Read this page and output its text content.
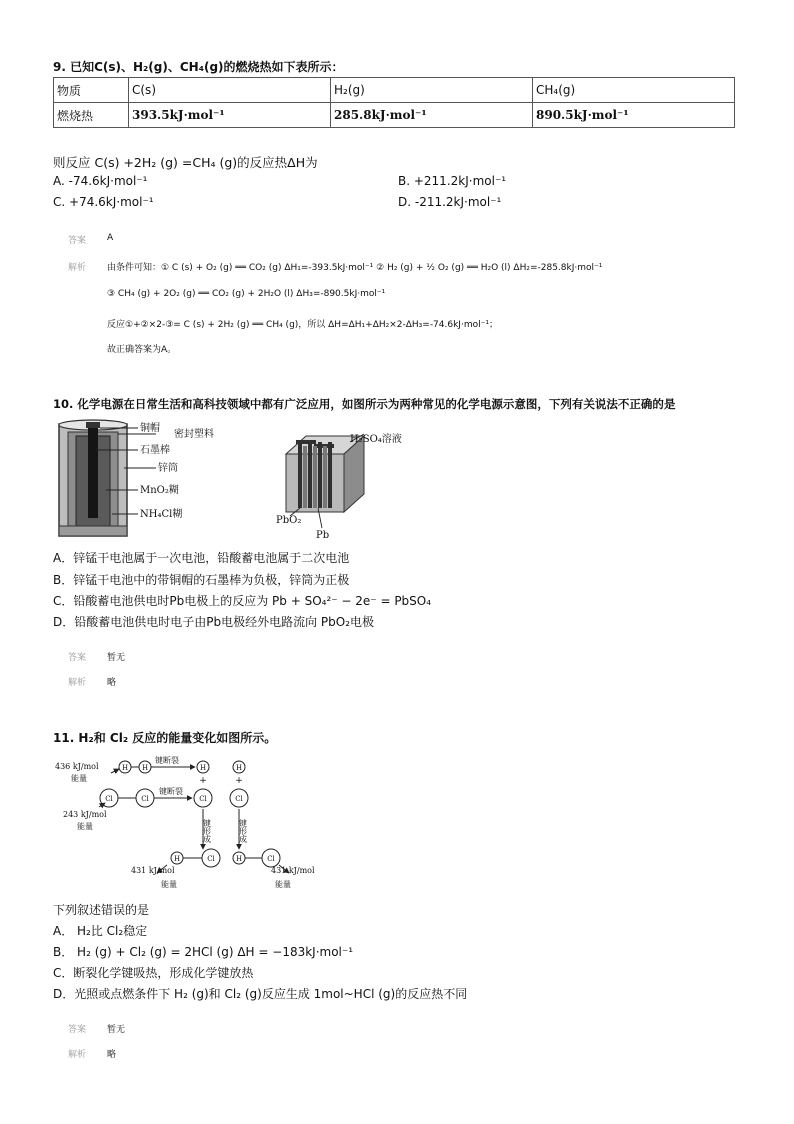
9. 已知C(s)、H₂(g)、CH₄(g)的燃烧热如下表所示：
物质	C(s)	H₂(g)	CH₄(g)
燃烧热	393.5kJ·mol⁻¹	285.8kJ·mol⁻¹	890.5kJ·mol⁻¹
则反应 C(s) +2H₂ (g) =CH₄ (g)的反应热ΔH为
A. -74.6kJ·mol⁻¹	B. +211.2kJ·mol⁻¹
C. +74.6kJ·mol⁻¹	D. -211.2kJ·mol⁻¹
答案 A
解析 由条件可知：① C (s) + O₂ (g) ══ CO₂ (g) ΔH₁=-393.5kJ·mol⁻¹ ② H₂ (g) + ½ O₂ (g) ══ H₂O (l) ΔH₂=-285.8kJ·mol⁻¹
③ CH₄ (g) + 2O₂ (g) ══ CO₂ (g) + 2H₂O (l) ΔH₃=-890.5kJ·mol⁻¹
反应①+②×2-③= C (s) + 2H₂ (g) ══ CH₄ (g)，所以 ΔH=ΔH₁+ΔH₂×2-ΔH₃=-74.6kJ·mol⁻¹；
故正确答案为A。
10. 化学电源在日常生活和高科技领域中都有广泛应用，如图所示为两种常见的化学电源示意图，下列有关说法不正确的是
铜帽
密封塑料
石墨棒
锌筒
MnO₂糊
NH₄Cl糊
H₂SO₄溶液
PbO₂
Pb
A．锌锰干电池属于一次电池，铅酸蓄电池属于二次电池
B．锌锰干电池中的带铜帽的石墨棒为负极，锌筒为正极
C．铅酸蓄电池供电时Pb电极上的反应为 Pb + SO₄²⁻ − 2e⁻ = PbSO₄
D．铅酸蓄电池供电时电子由Pb电极经外电路流向 PbO₂电极
答案 暂无
解析 略
11. H₂和 Cl₂ 反应的能量变化如图所示。
H H	H	H
Cl	Cl	Cl	Cl
H	Cl	H	Cl
+	+
436 kJ/mol
能量
243 kJ/mol
能量
键断裂
键断裂
431 kJ/mol
能量
431 kJ/mol
能量
键形成	键形成
下列叙述错误的是
A． H₂比 Cl₂稳定
B． H₂ (g) + Cl₂ (g) = 2HCl (g) ΔH = −183kJ·mol⁻¹
C．断裂化学键吸热，形成化学键放热
D．光照或点燃条件下 H₂ (g)和 Cl₂ (g)反应生成 1mol~HCl (g)的反应热不同
答案 暂无
解析 略
